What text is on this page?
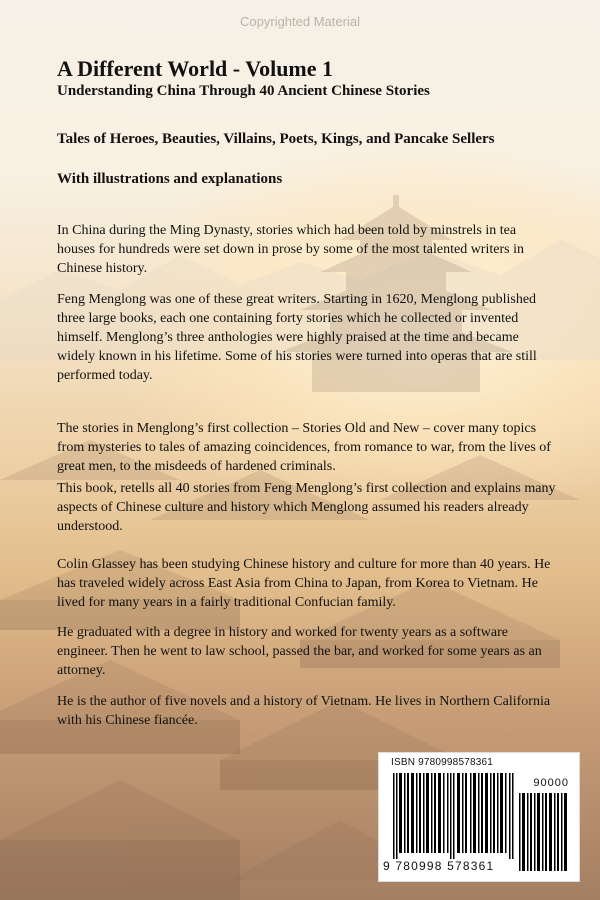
Copyrighted Material
A Different World - Volume 1
Understanding China Through 40 Ancient Chinese Stories
Tales of Heroes, Beauties, Villains, Poets, Kings, and Pancake Sellers
With illustrations and explanations

In China during the Ming Dynasty, stories which had been told by minstrels in tea houses for hundreds were set down in prose by some of the most talented writers in Chinese history.

Feng Menglong was one of these great writers. Starting in 1620, Menglong published three large books, each one containing forty stories which he collected or invented himself. Menglong’s three anthologies were highly praised at the time and became widely known in his lifetime. Some of his stories were turned into operas that are still performed today.

The stories in Menglong’s first collection – Stories Old and New – cover many topics from mysteries to tales of amazing coincidences, from romance to war, from the lives of great men, to the misdeeds of hardened criminals.

This book, retells all 40 stories from Feng Menglong’s first collection and explains many aspects of Chinese culture and history which Menglong assumed his readers already understood.

Colin Glassey has been studying Chinese history and culture for more than 40 years. He has traveled widely across East Asia from China to Japan, from Korea to Vietnam. He lived for many years in a fairly traditional Confucian family.

He graduated with a degree in history and worked for twenty years as a software engineer. Then he went to law school, passed the bar, and worked for some years as an attorney.

He is the author of five novels and a history of Vietnam. He lives in Northern California with his Chinese fiancée.

ISBN 9780998578361
90000
9 780998 578361
